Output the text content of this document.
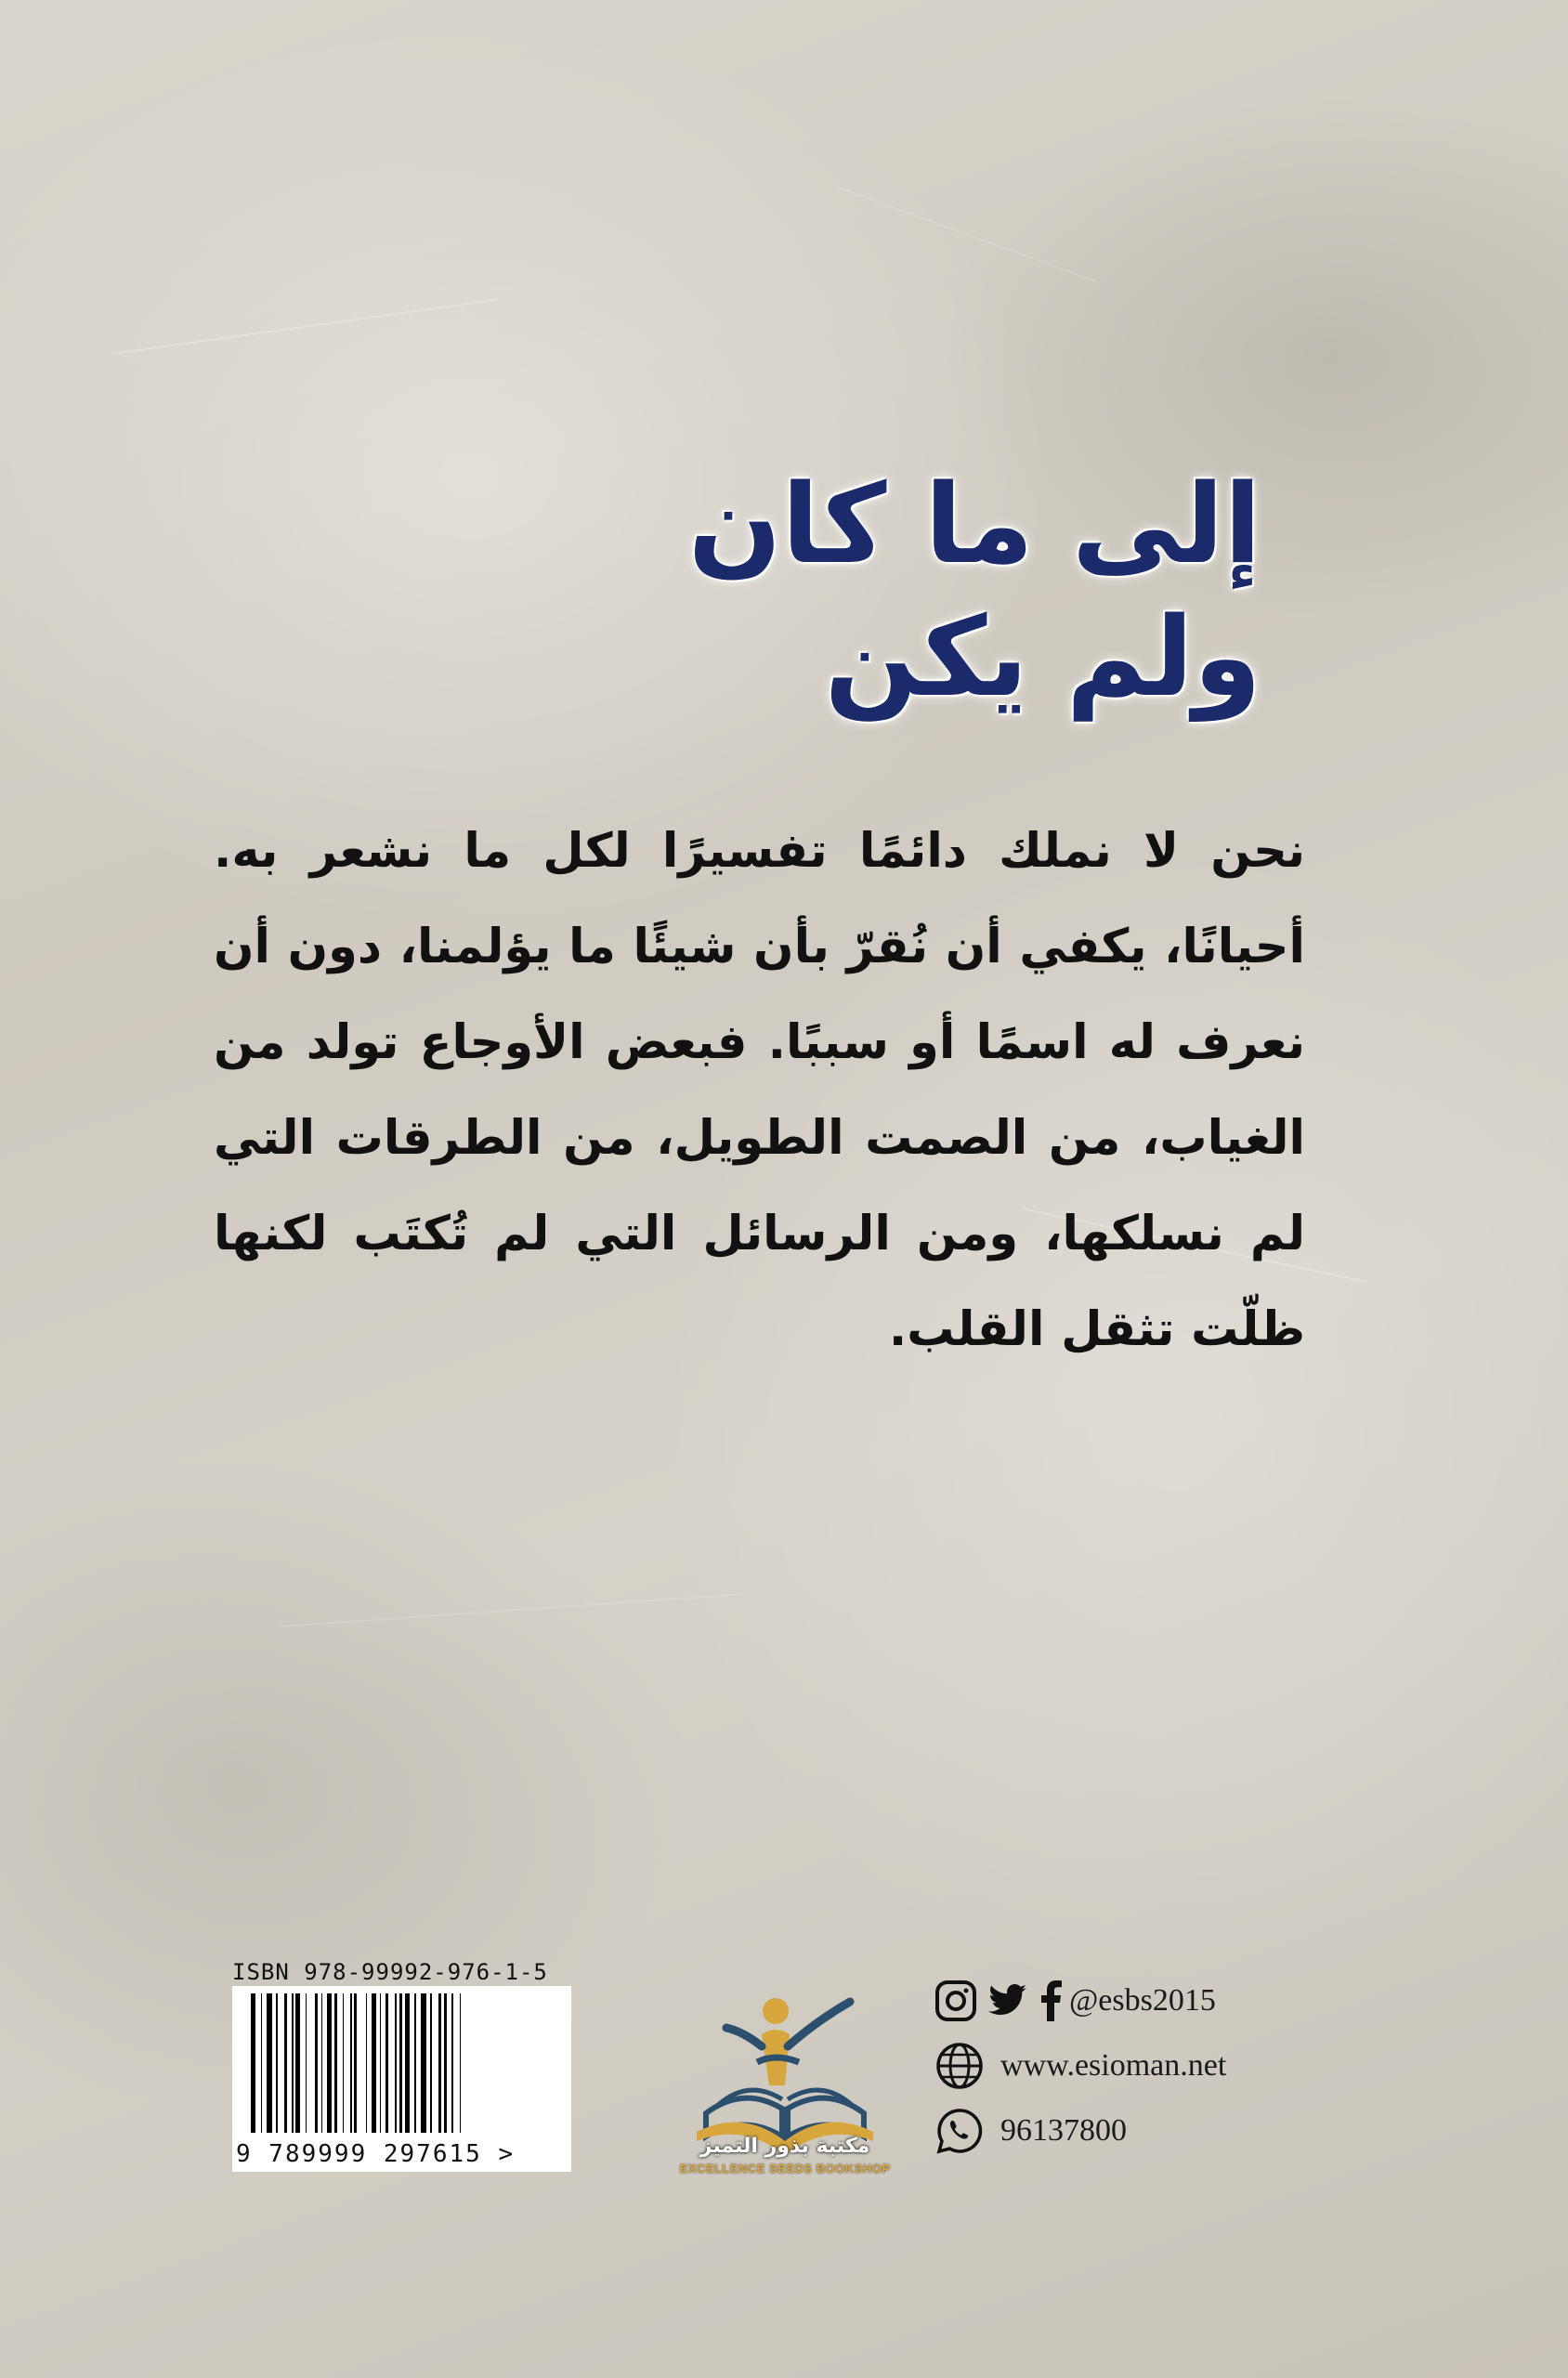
إلى ما كان
ولم يكن
نحن لا نملك دائمًا تفسيرًا لكل ما نشعر به. أحيانًا، يكفي أن نُقرّ بأن شيئًا ما يؤلمنا، دون أن نعرف له اسمًا أو سببًا. فبعض الأوجاع تولد من الغياب، من الصمت الطويل، من الطرقات التي لم نسلكها، ومن الرسائل التي لم تُكتَب لكنها ظلّت تثقل القلب.
ISBN 978-99992-976-1-5
9 789999 297615 >	مكتبة بذور التميز
EXCELLENCE SEEDS BOOKSHOP
@esbs2015
www.esioman.net
96137800
